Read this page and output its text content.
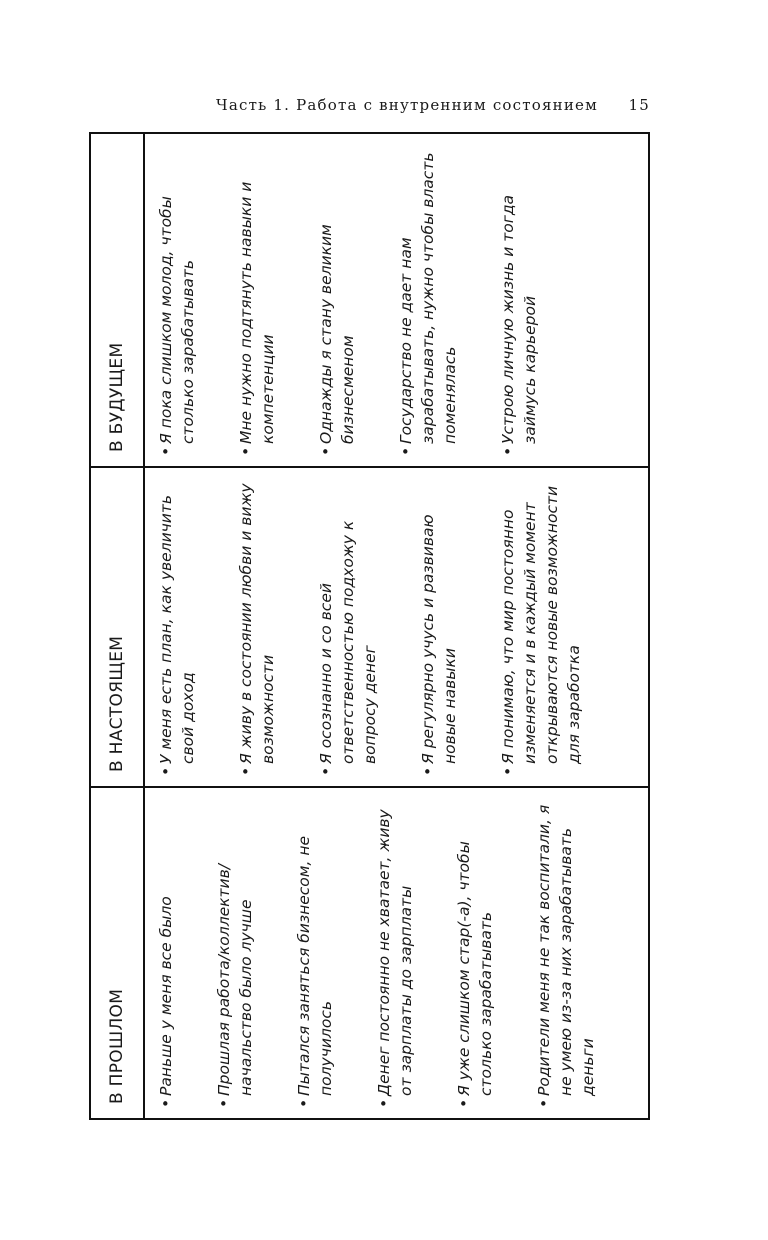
Часть 1. Работа с внутренним состоянием 15
В ПРОШЛОМ
В НАСТОЯЩЕМ
В БУДУЩЕМ
•
Раньше у меня все было
•
Прошлая работа/коллектив/начальство было лучше
•
Пытался заняться бизнесом, не получилось
•
Денег постоянно не хватает, живу от зарплаты до зарплаты
•
Я уже слишком стар(-а), чтобы столько зарабатывать
•
Родители меня не так воспитали, я не умею из-за них зарабатывать деньги
•
У меня есть план, как увеличить свой доход
•
Я живу в состоянии любви и вижу возможности
•
Я осознанно и со всей ответственностью подхожу к вопросу денег
•
Я регулярно учусь и развиваю новые навыки
•
Я понимаю, что мир постоянно изменяется и в каждый момент открываются новые возможности для заработка
•
Я пока слишком молод, чтобы столько зарабатывать
•
Мне нужно подтянуть навыки и компетенции
•
Однажды я стану великим бизнесменом
•
Государство не дает нам зарабатывать, нужно чтобы власть поменялась
•
Устрою личную жизнь и тогда займусь карьерой
